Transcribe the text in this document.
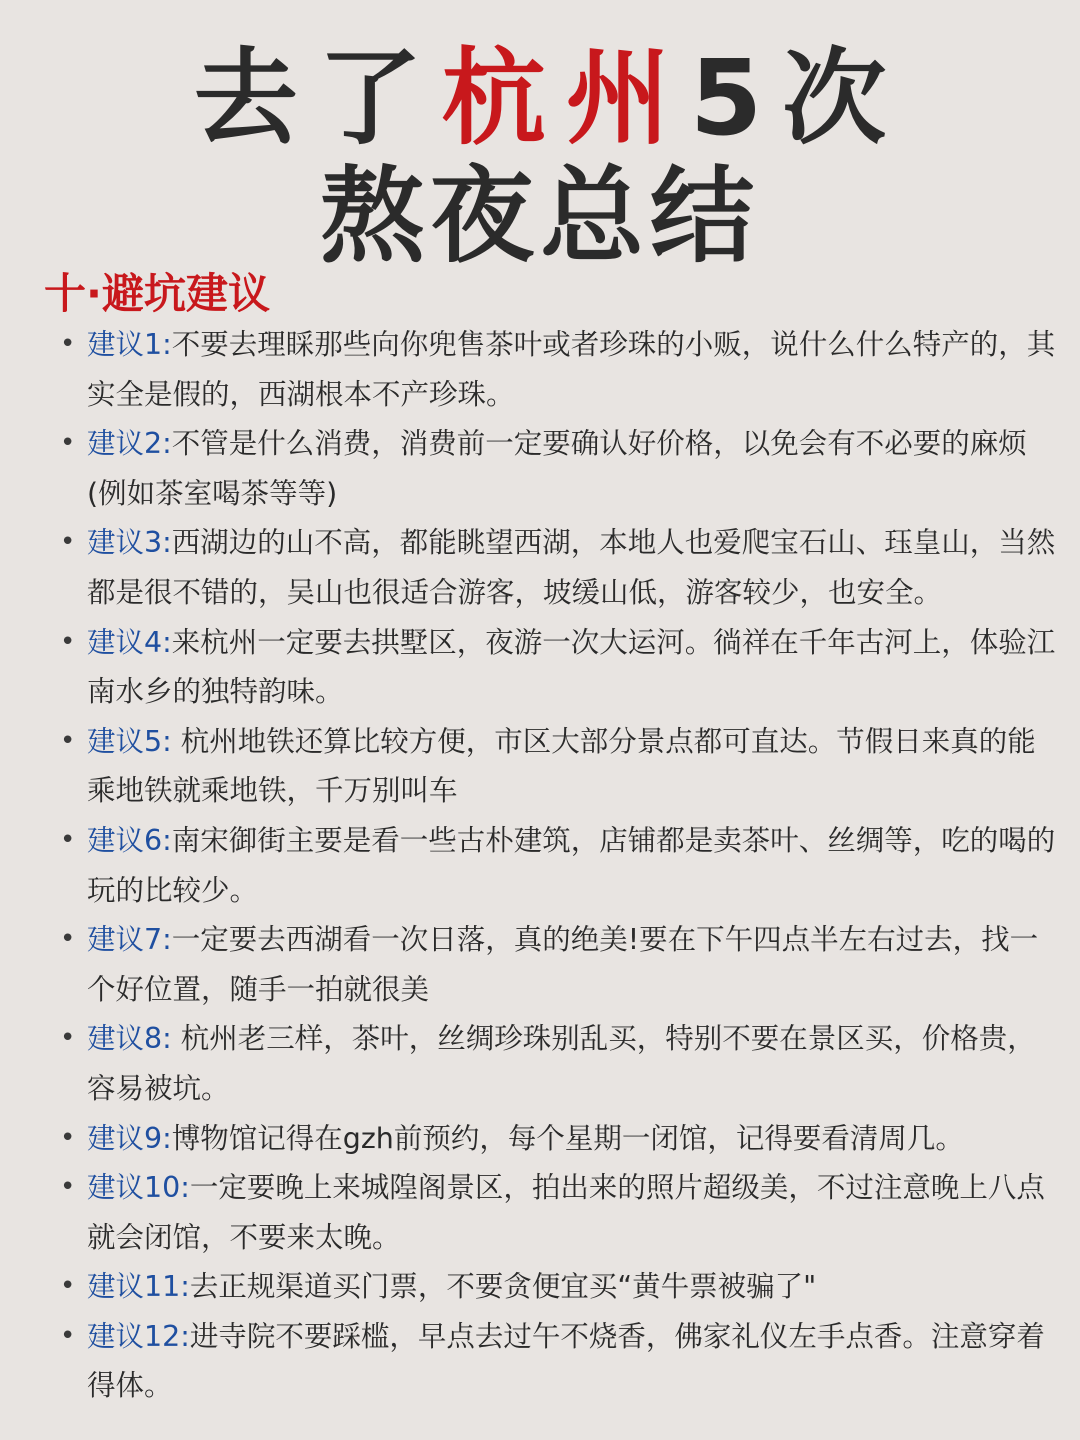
去了杭州5次
熬夜总结
十·避坑建议
• 建议1:不要去理睬那些向你兜售茶叶或者珍珠的小贩，说什么什么特产的，其实全是假的，西湖根本不产珍珠。
• 建议2:不管是什么消费，消费前一定要确认好价格，以免会有不必要的麻烦(例如茶室喝茶等等)
• 建议3:西湖边的山不高，都能眺望西湖，本地人也爱爬宝石山、珏皇山，当然都是很不错的，吴山也很适合游客，坡缓山低，游客较少，也安全。
• 建议4:来杭州一定要去拱墅区，夜游一次大运河。徜祥在千年古河上，体验江南水乡的独特韵味。
• 建议5: 杭州地铁还算比较方便，市区大部分景点都可直达。节假日来真的能乘地铁就乘地铁，千万别叫车
• 建议6:南宋御街主要是看一些古朴建筑，店铺都是卖茶叶、丝绸等，吃的喝的玩的比较少。
• 建议7:一定要去西湖看一次日落，真的绝美!要在下午四点半左右过去，找一个好位置，随手一拍就很美
• 建议8: 杭州老三样，茶叶，丝绸珍珠别乱买，特别不要在景区买，价格贵，容易被坑。
• 建议9:博物馆记得在gzh前预约，每个星期一闭馆，记得要看清周几。
• 建议10:一定要晚上来城隍阁景区，拍出来的照片超级美，不过注意晚上八点就会闭馆，不要来太晚。
• 建议11:去正规渠道买门票，不要贪便宜买“黄牛票被骗了"
• 建议12:进寺院不要踩槛，早点去过午不烧香，佛家礼仪左手点香。注意穿着得体。
